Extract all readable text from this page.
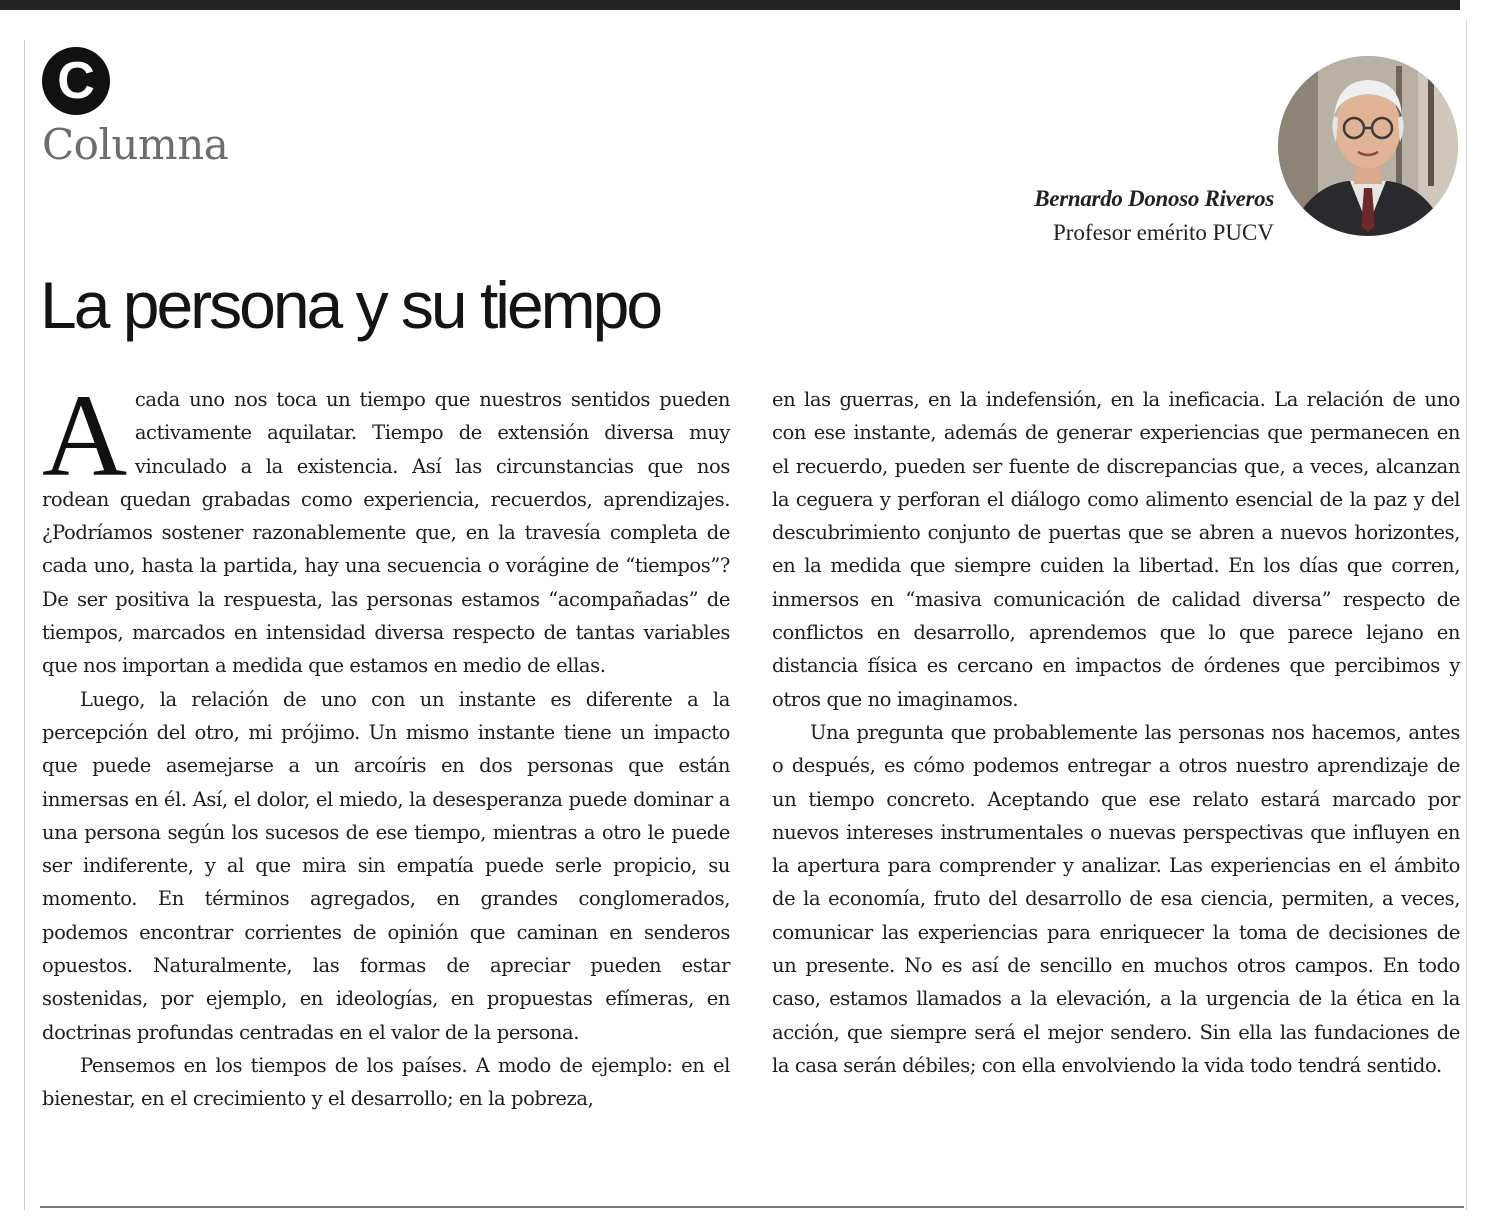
C
Columna
Bernardo Donoso Riveros
Profesor emérito PUCV
La persona y su tiempo

A cada uno nos toca un tiempo que nuestros sentidos pueden activamente aquilatar. Tiempo de extensión diversa muy vinculado a la existencia. Así las circunstancias que nos rodean quedan grabadas como experiencia, recuerdos, aprendizajes. ¿Podríamos sostener razonablemente que, en la travesía completa de cada uno, hasta la partida, hay una secuencia o vorágine de “tiempos”? De ser positiva la respuesta, las personas estamos “acompañadas” de tiempos, marcados en intensidad diversa respecto de tantas variables que nos importan a medida que estamos en medio de ellas.

Luego, la relación de uno con un instante es diferente a la percepción del otro, mi prójimo. Un mismo instante tiene un impacto que puede asemejarse a un arcoíris en dos personas que están inmersas en él. Así, el dolor, el miedo, la desesperanza puede dominar a una persona según los sucesos de ese tiempo, mientras a otro le puede ser indiferente, y al que mira sin empatía puede serle propicio, su momento. En términos agregados, en grandes conglomerados, podemos encontrar corrientes de opinión que caminan en senderos opuestos. Naturalmente, las formas de apreciar pueden estar sostenidas, por ejemplo, en ideologías, en propuestas efímeras, en doctrinas profundas centradas en el valor de la persona.

Pensemos en los tiempos de los países. A modo de ejemplo: en el bienestar, en el crecimiento y el desarrollo; en la pobreza,

en las guerras, en la indefensión, en la ineficacia. La relación de uno con ese instante, además de generar experiencias que permanecen en el recuerdo, pueden ser fuente de discrepancias que, a veces, alcanzan la ceguera y perforan el diálogo como alimento esencial de la paz y del descubrimiento conjunto de puertas que se abren a nuevos horizontes, en la medida que siempre cuiden la libertad. En los días que corren, inmersos en “masiva comunicación de calidad diversa” respecto de conflictos en desarrollo, aprendemos que lo que parece lejano en distancia física es cercano en impactos de órdenes que percibimos y otros que no imaginamos.

Una pregunta que probablemente las personas nos hacemos, antes o después, es cómo podemos entregar a otros nuestro aprendizaje de un tiempo concreto. Aceptando que ese relato estará marcado por nuevos intereses instrumentales o nuevas perspectivas que influyen en la apertura para comprender y analizar. Las experiencias en el ámbito de la economía, fruto del desarrollo de esa ciencia, permiten, a veces, comunicar las experiencias para enriquecer la toma de decisiones de un presente. No es así de sencillo en muchos otros campos. En todo caso, estamos llamados a la elevación, a la urgencia de la ética en la acción, que siempre será el mejor sendero. Sin ella las fundaciones de la casa serán débiles; con ella envolviendo la vida todo tendrá sentido.
